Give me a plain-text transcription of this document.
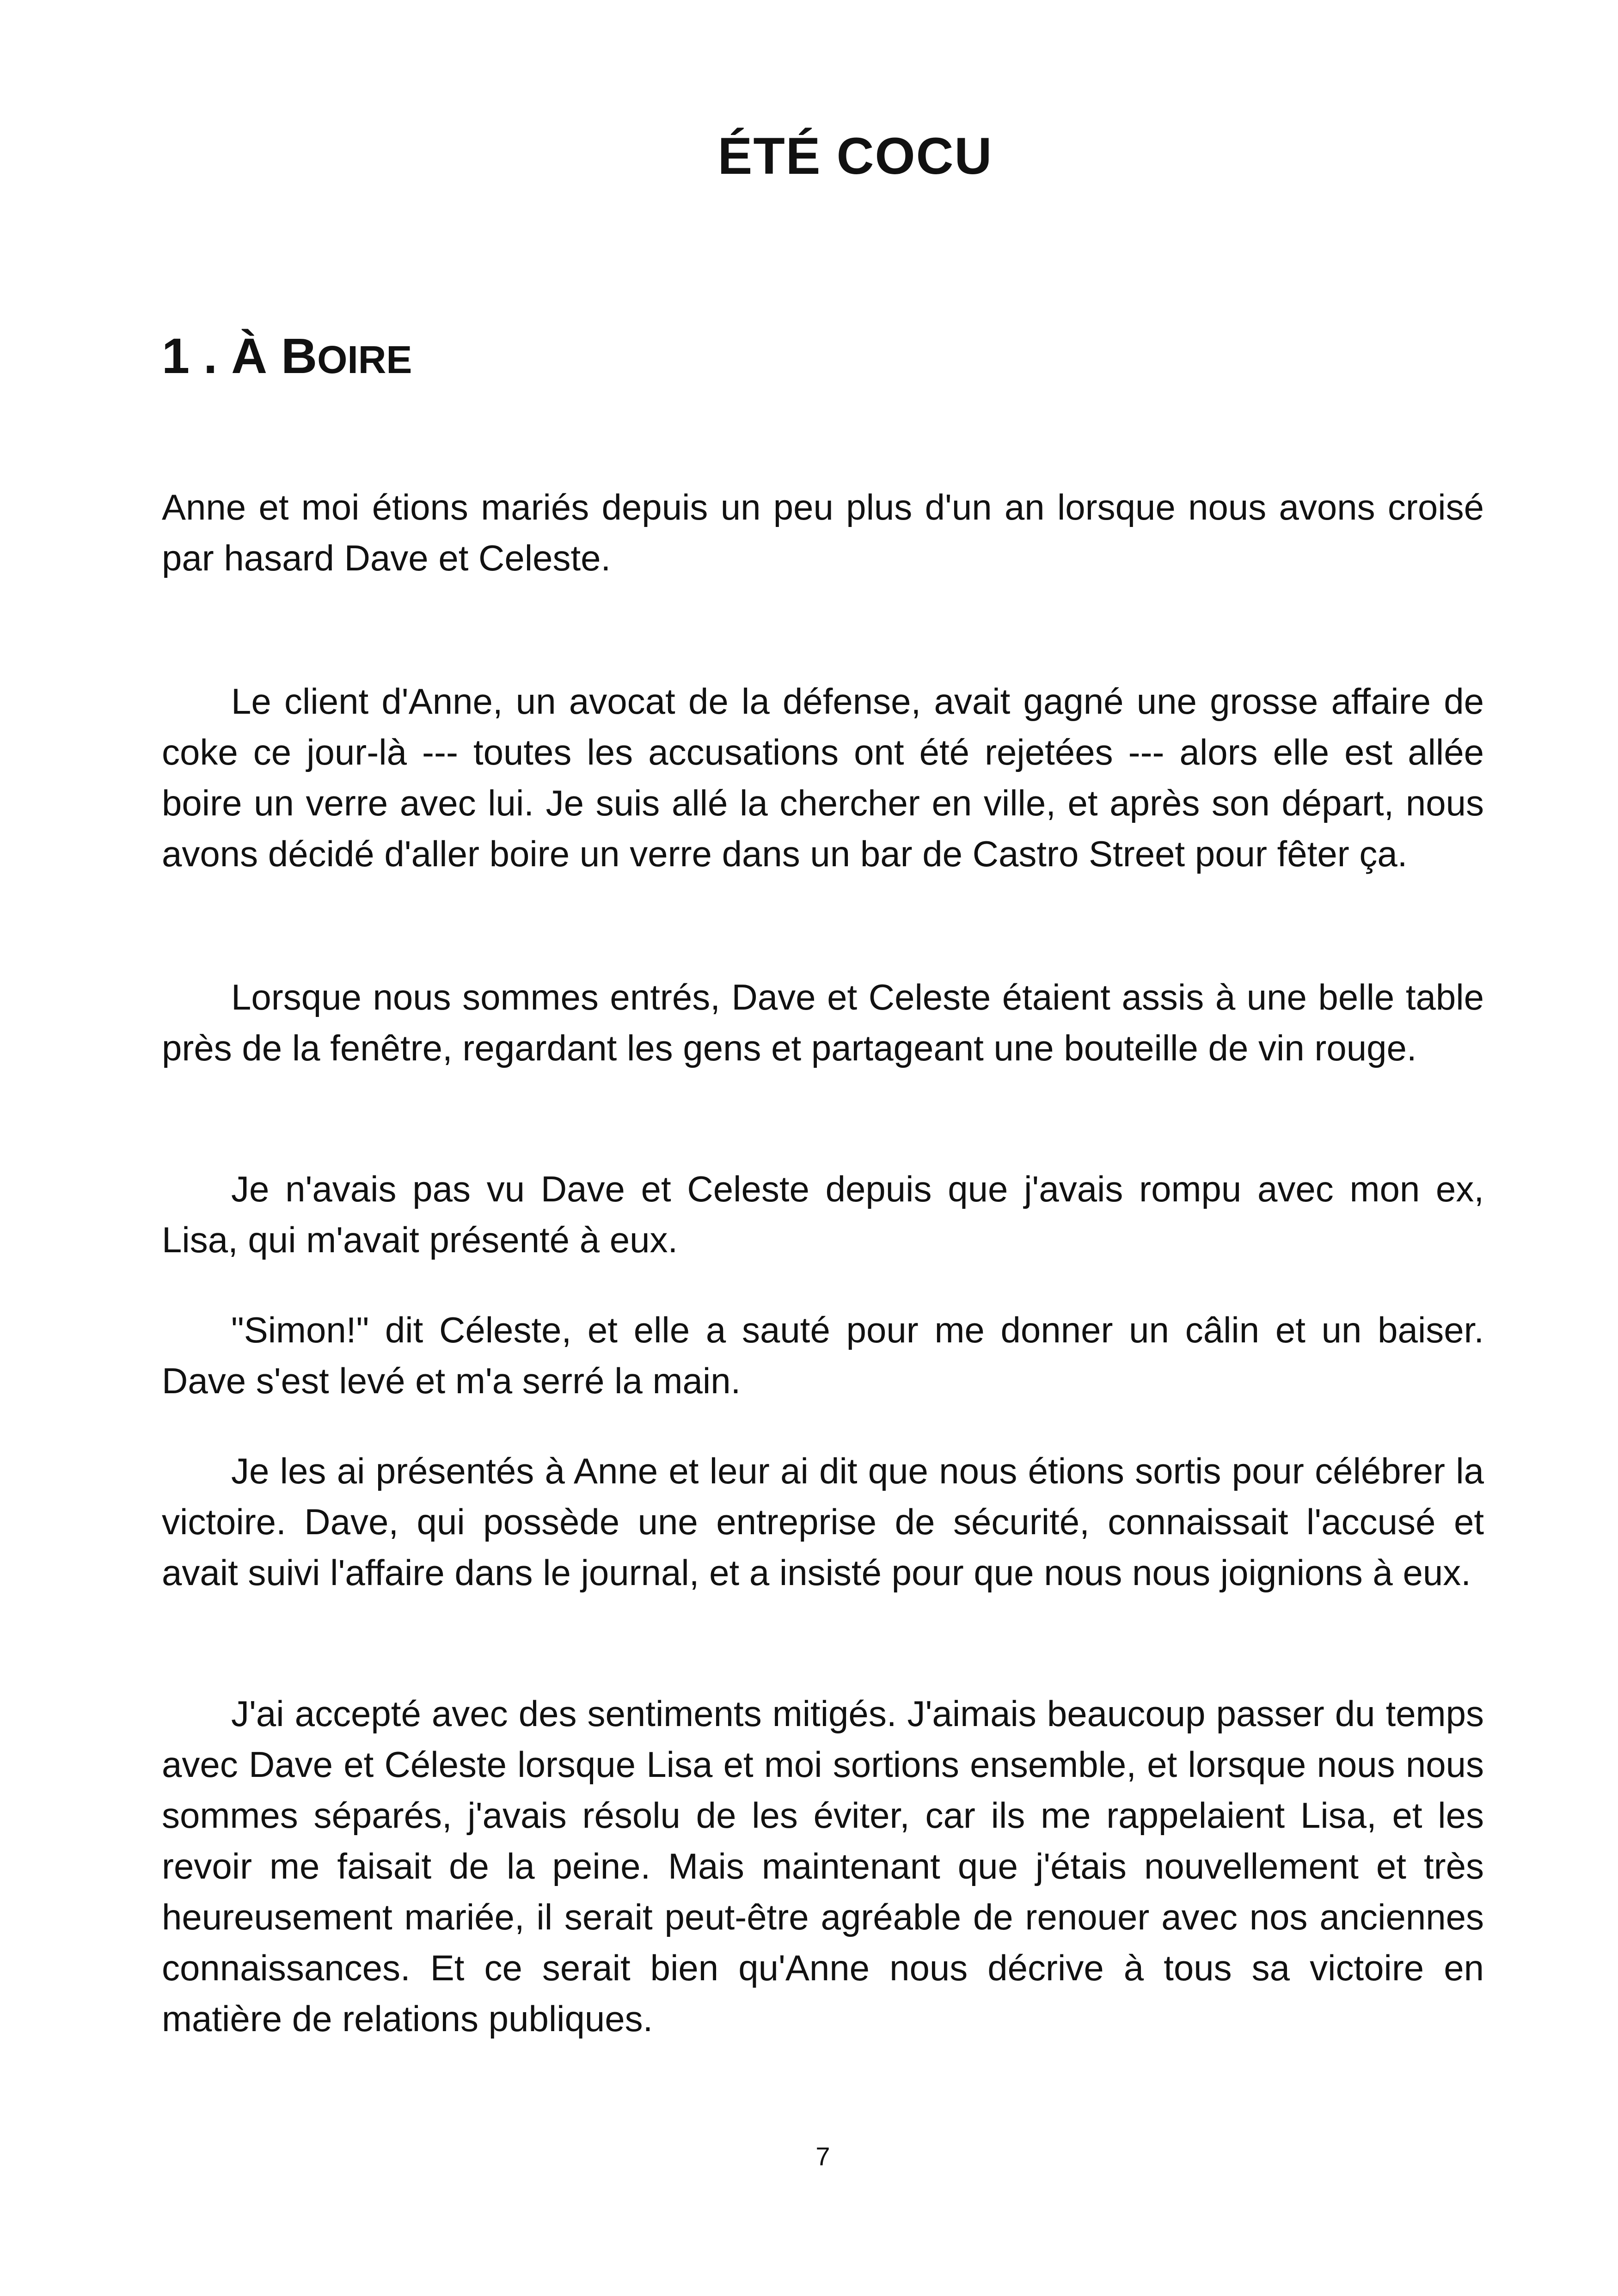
ÉTÉ COCU
1 . À BOIRE

Anne et moi étions mariés depuis un peu plus d'un an lorsque nous avons croisé par hasard Dave et Celeste.

Le client d'Anne, un avocat de la défense, avait gagné une grosse affaire de coke ce jour-là --- toutes les accusations ont été rejetées --- alors elle est allée boire un verre avec lui. Je suis allé la chercher en ville, et après son départ, nous avons décidé d'aller boire un verre dans un bar de Castro Street pour fêter ça.

Lorsque nous sommes entrés, Dave et Celeste étaient assis à une belle table près de la fenêtre, regardant les gens et partageant une bouteille de vin rouge.

Je n'avais pas vu Dave et Celeste depuis que j'avais rompu avec mon ex, Lisa, qui m'avait présenté à eux.

"Simon!" dit Céleste, et elle a sauté pour me donner un câlin et un baiser. Dave s'est levé et m'a serré la main.

Je les ai présentés à Anne et leur ai dit que nous étions sortis pour célébrer la victoire. Dave, qui possède une entreprise de sécurité, connaissait l'accusé et avait suivi l'affaire dans le journal, et a insisté pour que nous nous joignions à eux.

J'ai accepté avec des sentiments mitigés. J'aimais beaucoup passer du temps avec Dave et Céleste lorsque Lisa et moi sortions ensemble, et lorsque nous nous sommes séparés, j'avais résolu de les éviter, car ils me rappelaient Lisa, et les revoir me faisait de la peine. Mais maintenant que j'étais nouvellement et très heureusement mariée, il serait peut-être agréable de renouer avec nos anciennes connaissances. Et ce serait bien qu'Anne nous décrive à tous sa victoire en matière de relations publiques.

7
